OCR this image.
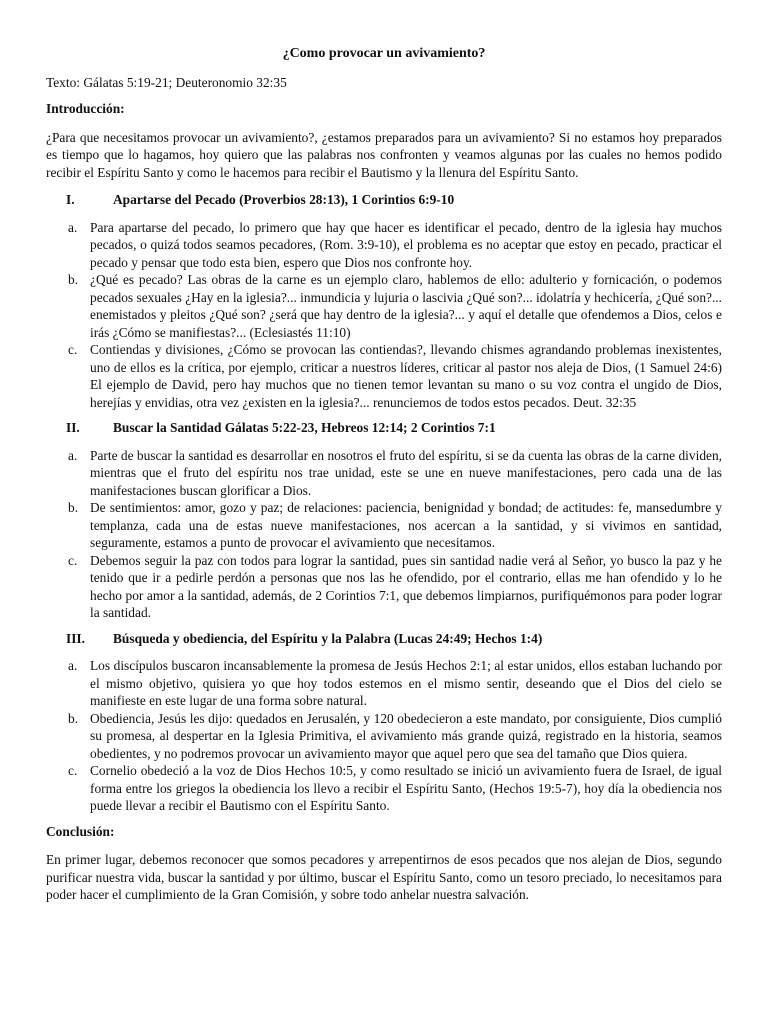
¿Como provocar un avivamiento?

Texto: Gálatas 5:19-21; Deuteronomio 32:35

Introducción:

¿Para que necesitamos provocar un avivamiento?, ¿estamos preparados para un avivamiento? Si no estamos hoy preparados es tiempo que lo hagamos, hoy quiero que las palabras nos confronten y veamos algunas por las cuales no hemos podido recibir el Espíritu Santo y como le hacemos para recibir el Bautismo y la llenura del Espíritu Santo.

I.	Apartarse del Pecado (Proverbios 28:13), 1 Corintios 6:9-10
a. Para apartarse del pecado, lo primero que hay que hacer es identificar el pecado, dentro de la iglesia hay muchos pecados, o quizá todos seamos pecadores, (Rom. 3:9-10), el problema es no aceptar que estoy en pecado, practicar el pecado y pensar que todo esta bien, espero que Dios nos confronte hoy.
b. ¿Qué es pecado? Las obras de la carne es un ejemplo claro, hablemos de ello: adulterio y fornicación, o podemos pecados sexuales ¿Hay en la iglesia?... inmundicia y lujuria o lascivia ¿Qué son?... idolatría y hechicería, ¿Qué son?... enemistados y pleitos ¿Qué son? ¿será que hay dentro de la iglesia?... y aquí el detalle que ofendemos a Dios, celos e irás ¿Cómo se manifiestas?... (Eclesiastés 11:10)
c. Contiendas y divisiones, ¿Cómo se provocan las contiendas?, llevando chismes agrandando problemas inexistentes, uno de ellos es la crítica, por ejemplo, criticar a nuestros líderes, criticar al pastor nos aleja de Dios, (1 Samuel 24:6) El ejemplo de David, pero hay muchos que no tienen temor levantan su mano o su voz contra el ungido de Dios, herejías y envidias, otra vez ¿existen en la iglesia?... renunciemos de todos estos pecados. Deut. 32:35
II.	Buscar la Santidad Gálatas 5:22-23, Hebreos 12:14; 2 Corintios 7:1
a. Parte de buscar la santidad es desarrollar en nosotros el fruto del espíritu, si se da cuenta las obras de la carne dividen, mientras que el fruto del espíritu nos trae unidad, este se une en nueve manifestaciones, pero cada una de las manifestaciones buscan glorificar a Dios.
b. De sentimientos: amor, gozo y paz; de relaciones: paciencia, benignidad y bondad; de actitudes: fe, mansedumbre y templanza, cada una de estas nueve manifestaciones, nos acercan a la santidad, y si vivimos en santidad, seguramente, estamos a punto de provocar el avivamiento que necesitamos.
c. Debemos seguir la paz con todos para lograr la santidad, pues sin santidad nadie verá al Señor, yo busco la paz y he tenido que ir a pedirle perdón a personas que nos las he ofendido, por el contrario, ellas me han ofendido y lo he hecho por amor a la santidad, además, de 2 Corintios 7:1, que debemos limpiarnos, purifiquémonos para poder lograr la santidad.
III. Búsqueda y obediencia, del Espíritu y la Palabra (Lucas 24:49; Hechos 1:4)
a. Los discípulos buscaron incansablemente la promesa de Jesús Hechos 2:1; al estar unidos, ellos estaban luchando por el mismo objetivo, quisiera yo que hoy todos estemos en el mismo sentir, deseando que el Dios del cielo se manifieste en este lugar de una forma sobre natural.
b. Obediencia, Jesús les dijo: quedados en Jerusalén, y 120 obedecieron a este mandato, por consiguiente, Dios cumplió su promesa, al despertar en la Iglesia Primitiva, el avivamiento más grande quizá, registrado en la historia, seamos obedientes, y no podremos provocar un avivamiento mayor que aquel pero que sea del tamaño que Dios quiera.
c. Cornelio obedeció a la voz de Dios Hechos 10:5, y como resultado se inició un avivamiento fuera de Israel, de igual forma entre los griegos la obediencia los llevo a recibir el Espíritu Santo, (Hechos 19:5-7), hoy día la obediencia nos puede llevar a recibir el Bautismo con el Espíritu Santo.

Conclusión:

En primer lugar, debemos reconocer que somos pecadores y arrepentirnos de esos pecados que nos alejan de Dios, segundo purificar nuestra vida, buscar la santidad y por último, buscar el Espíritu Santo, como un tesoro preciado, lo necesitamos para poder hacer el cumplimiento de la Gran Comisión, y sobre todo anhelar nuestra salvación.
